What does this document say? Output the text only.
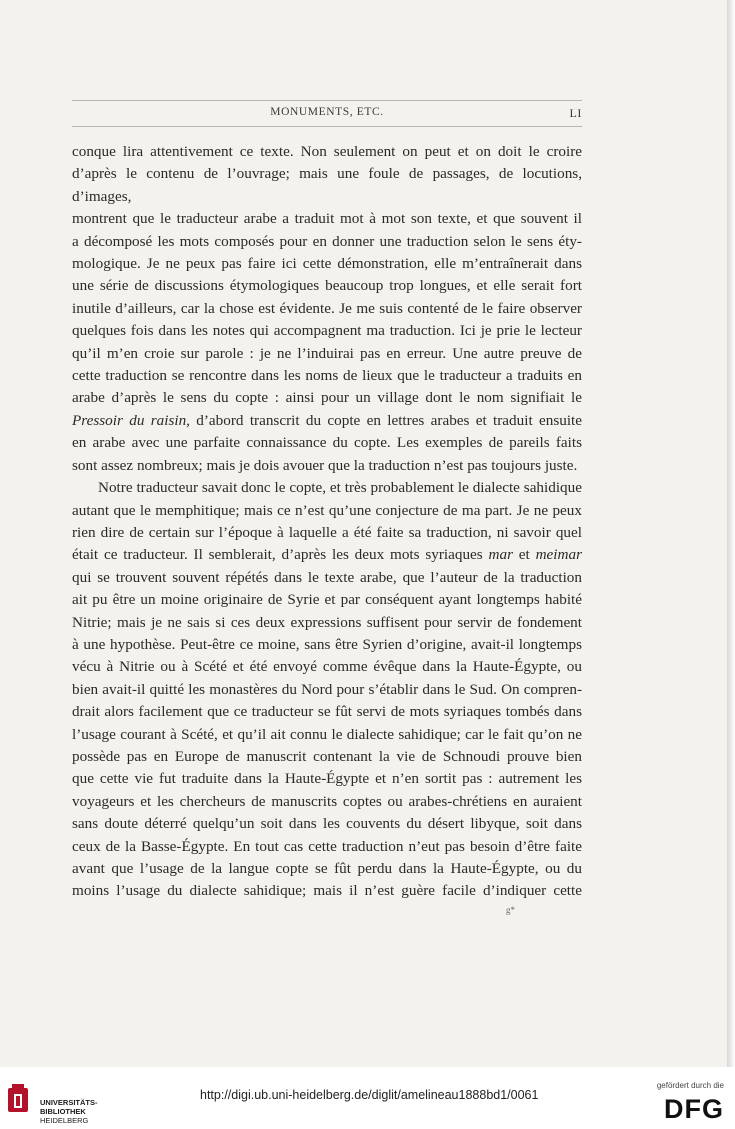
MONUMENTS, ETC.	LI

conque lira attentivement ce texte. Non seulement on peut et on doit le croire

d’après le contenu de l’ouvrage; mais une foule de passages, de locutions, d’images,

montrent que le traducteur arabe a traduit mot à mot son texte, et que souvent il

a décomposé les mots composés pour en donner une traduction selon le sens éty-

mologique. Je ne peux pas faire ici cette démonstration, elle m’entraînerait dans

une série de discussions étymologiques beaucoup trop longues, et elle serait fort

inutile d’ailleurs, car la chose est évidente. Je me suis contenté de le faire observer

quelques fois dans les notes qui accompagnent ma traduction. Ici je prie le lecteur

qu’il m’en croie sur parole : je ne l’induirai pas en erreur. Une autre preuve de

cette traduction se rencontre dans les noms de lieux que le traducteur a traduits en

arabe d’après le sens du copte : ainsi pour un village dont le nom signifiait le

Pressoir du raisin, d’abord transcrit du copte en lettres arabes et traduit ensuite

en arabe avec une parfaite connaissance du copte. Les exemples de pareils faits

sont assez nombreux; mais je dois avouer que la traduction n’est pas toujours juste.

Notre traducteur savait donc le copte, et très probablement le dialecte sahidique

autant que le memphitique; mais ce n’est qu’une conjecture de ma part. Je ne peux

rien dire de certain sur l’époque à laquelle a été faite sa traduction, ni savoir quel

était ce traducteur. Il semblerait, d’après les deux mots syriaques mar et meimar

qui se trouvent souvent répétés dans le texte arabe, que l’auteur de la traduction

ait pu être un moine originaire de Syrie et par conséquent ayant longtemps habité

Nitrie; mais je ne sais si ces deux expressions suffisent pour servir de fondement

à une hypothèse. Peut-être ce moine, sans être Syrien d’origine, avait-il longtemps

vécu à Nitrie ou à Scété et été envoyé comme évêque dans la Haute-Égypte, ou

bien avait-il quitté les monastères du Nord pour s’établir dans le Sud. On compren-

drait alors facilement que ce traducteur se fût servi de mots syriaques tombés dans

l’usage courant à Scété, et qu’il ait connu le dialecte sahidique; car le fait qu’on ne

possède pas en Europe de manuscrit contenant la vie de Schnoudi prouve bien

que cette vie fut traduite dans la Haute-Égypte et n’en sortit pas : autrement les

voyageurs et les chercheurs de manuscrits coptes ou arabes-chrétiens en auraient

sans doute déterré quelqu’un soit dans les couvents du désert libyque, soit dans

ceux de la Basse-Égypte. En tout cas cette traduction n’eut pas besoin d’être faite

avant que l’usage de la langue copte se fût perdu dans la Haute-Égypte, ou du

moins l’usage du dialecte sahidique; mais il n’est guère facile d’indiquer cette

g*
UNIVERSITÄTS-
BIBLIOTHEK
HEIDELBERG
http://digi.ub.uni-heidelberg.de/diglit/amelineau1888bd1/0061
gefördert durch die
DFG
